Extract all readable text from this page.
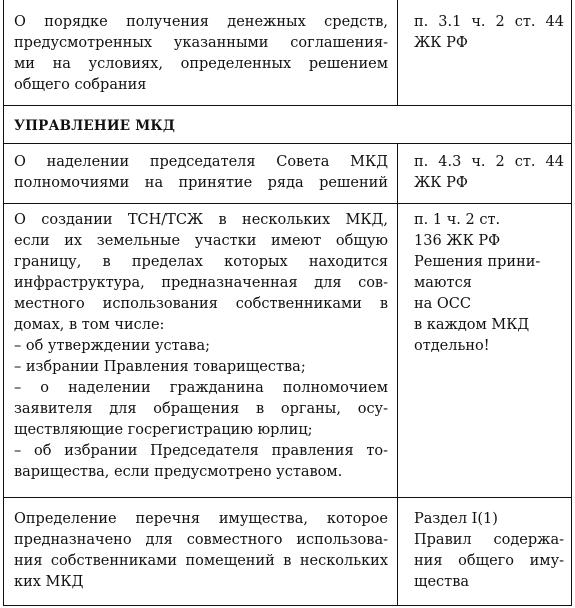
О порядке получения денежных средств,
предусмотренных указанными соглашения-
ми на условиях, определенных решением
общего собрания
п. 3.1 ч. 2 ст. 44
ЖК РФ
УПРАВЛЕНИЕ МКД
О наделении председателя Совета МКД
полномочиями на принятие ряда решений
п. 4.3 ч. 2 ст. 44
ЖК РФ
О создании ТСН/ТСЖ в нескольких МКД,
если их земельные участки имеют общую
границу, в пределах которых находится
инфраструктура, предназначенная для сов-
местного использования собственниками в
домах, в том числе:
– об утверждении устава;
– избрании Правления товарищества;
– о наделении гражданина полномочием
заявителя для обращения в органы, осу-
ществляющие госрегистрацию юрлиц;
– об избрании Председателя правления то-
варищества, если предусмотрено уставом.
п. 1 ч. 2 ст.
136 ЖК РФ
Решения прини-
маются
на ОСС
в каждом МКД
отдельно!
Определение перечня имущества, которое
предназначено для совместного использова-
ния собственниками помещений в нескольких
ких МКД
Раздел I(1)
Правил содержа-
ния общего иму-
щества
